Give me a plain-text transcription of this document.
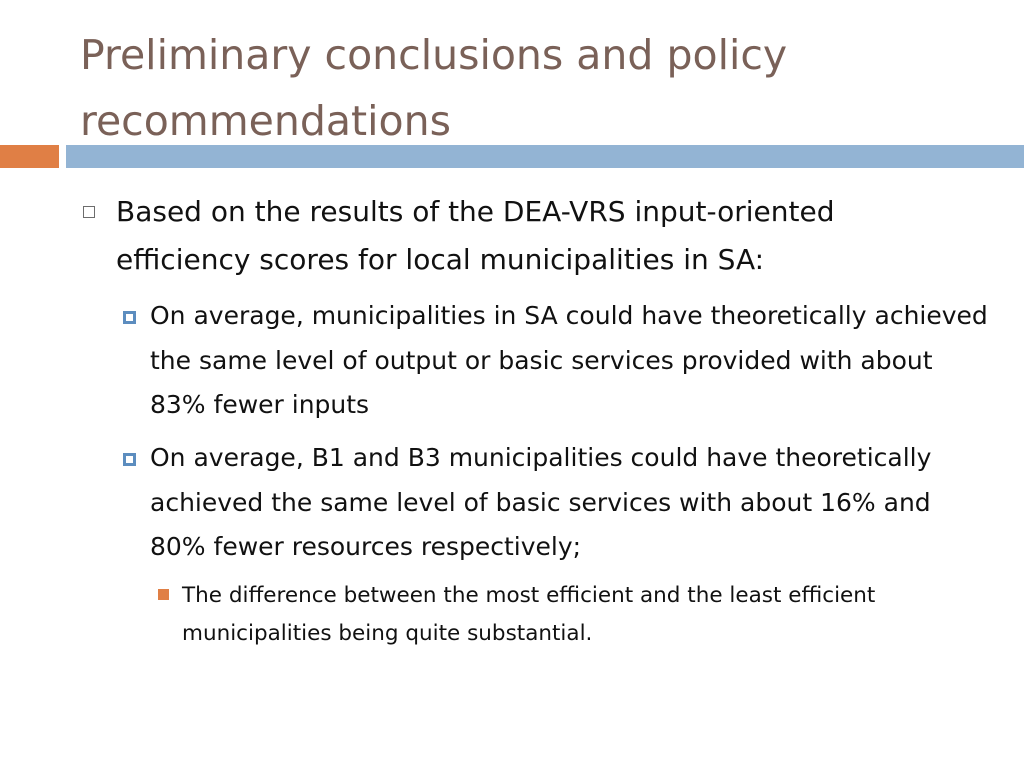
Preliminary conclusions and policy recommendations

Based on the results of the DEA-VRS input-oriented efficiency scores for local municipalities in SA:

On average, municipalities in SA could have theoretically achieved the same level of output or basic services provided with about 83% fewer inputs

On average, B1 and B3 municipalities could have theoretically achieved the same level of basic services with about 16% and 80% fewer resources respectively;

The difference between the most efficient and the least efficient municipalities being quite substantial.
